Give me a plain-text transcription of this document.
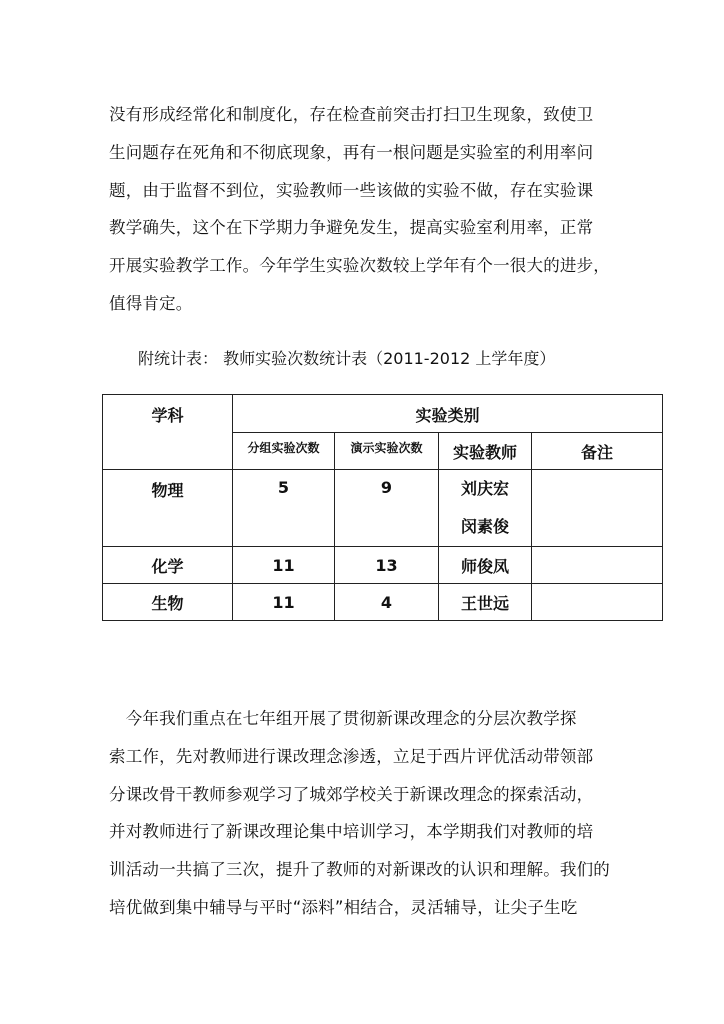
没有形成经常化和制度化，存在检查前突击打扫卫生现象，致使卫
生问题存在死角和不彻底现象，再有一根问题是实验室的利用率问
题，由于监督不到位，实验教师一些该做的实验不做，存在实验课
教学确失，这个在下学期力争避免发生，提高实验室利用率，正常
开展实验教学工作。今年学生实验次数较上学年有个一很大的进步，
值得肯定。
附统计表： 教师实验次数统计表（2011-2012 上学年度）
学科	实验类别			

	分组实验次数	演示实验次数	实验教师	备注

物理	5	9	刘庆宏
闵素俊	

化学	11	13	师俊凤	
生物	11	4	王世远	
　今年我们重点在七年组开展了贯彻新课改理念的分层次教学探
索工作，先对教师进行课改理念渗透，立足于西片评优活动带领部
分课改骨干教师参观学习了城郊学校关于新课改理念的探索活动，
并对教师进行了新课改理论集中培训学习，本学期我们对教师的培
训活动一共搞了三次，提升了教师的对新课改的认识和理解。我们的
培优做到集中辅导与平时“添料”相结合，灵活辅导，让尖子生吃
